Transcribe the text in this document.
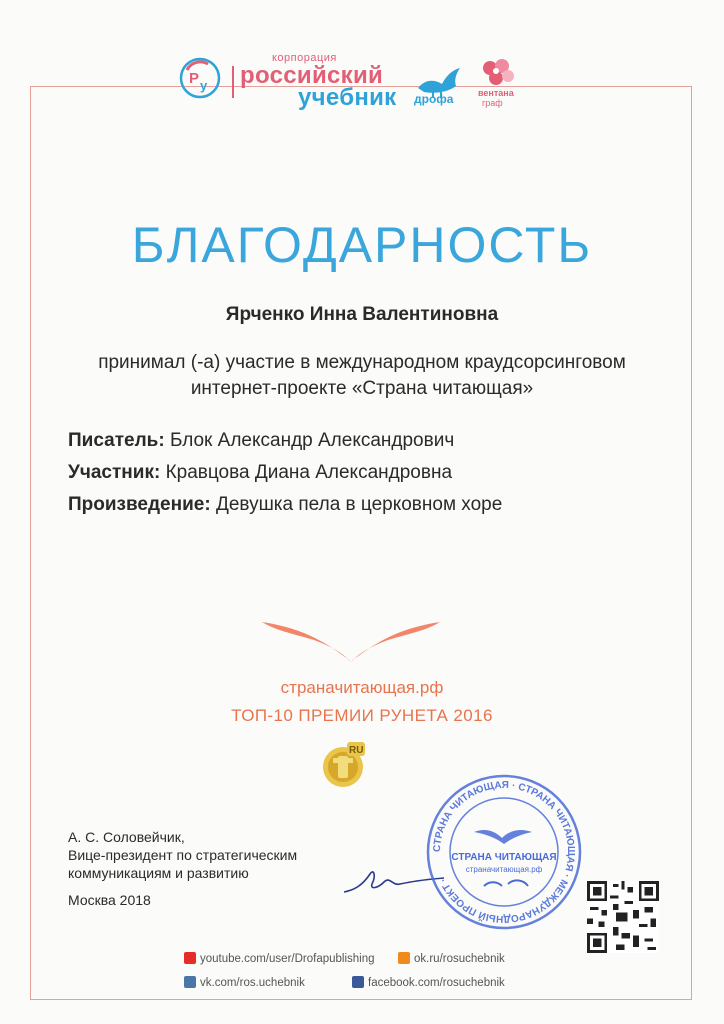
P y
корпорация
российский
учебник дрофа	вентана
граф
БЛАГОДАРНОСТЬ
Ярченко Инна Валентиновна
принимал (-а) участие в международном краудсорсинговом интернет-проекте «Страна читающая»
Писатель: Блок Александр Александрович
Участник: Кравцова Диана Александровна
Произведение: Девушка пела в церковном хоре
страначитающая.рф
ТОП-10 ПРЕМИИ РУНЕТА 2016
RU
А. С. Соловейчик,
Вице-президент по стратегическим
коммуникациям и развитию
Москва 2018
СТРАНА ЧИТАЮЩАЯ · СТРАНА ЧИТАЮЩАЯ · МЕЖДУНАРОДНЫЙ ПРОЕКТ ·
СТРАНА ЧИТАЮЩАЯ
страначитающая.рф
youtube.com/user/Drofapublishing	ok.ru/rosuchebnik
vk.com/ros.uchebnik	facebook.com/rosuchebnik
